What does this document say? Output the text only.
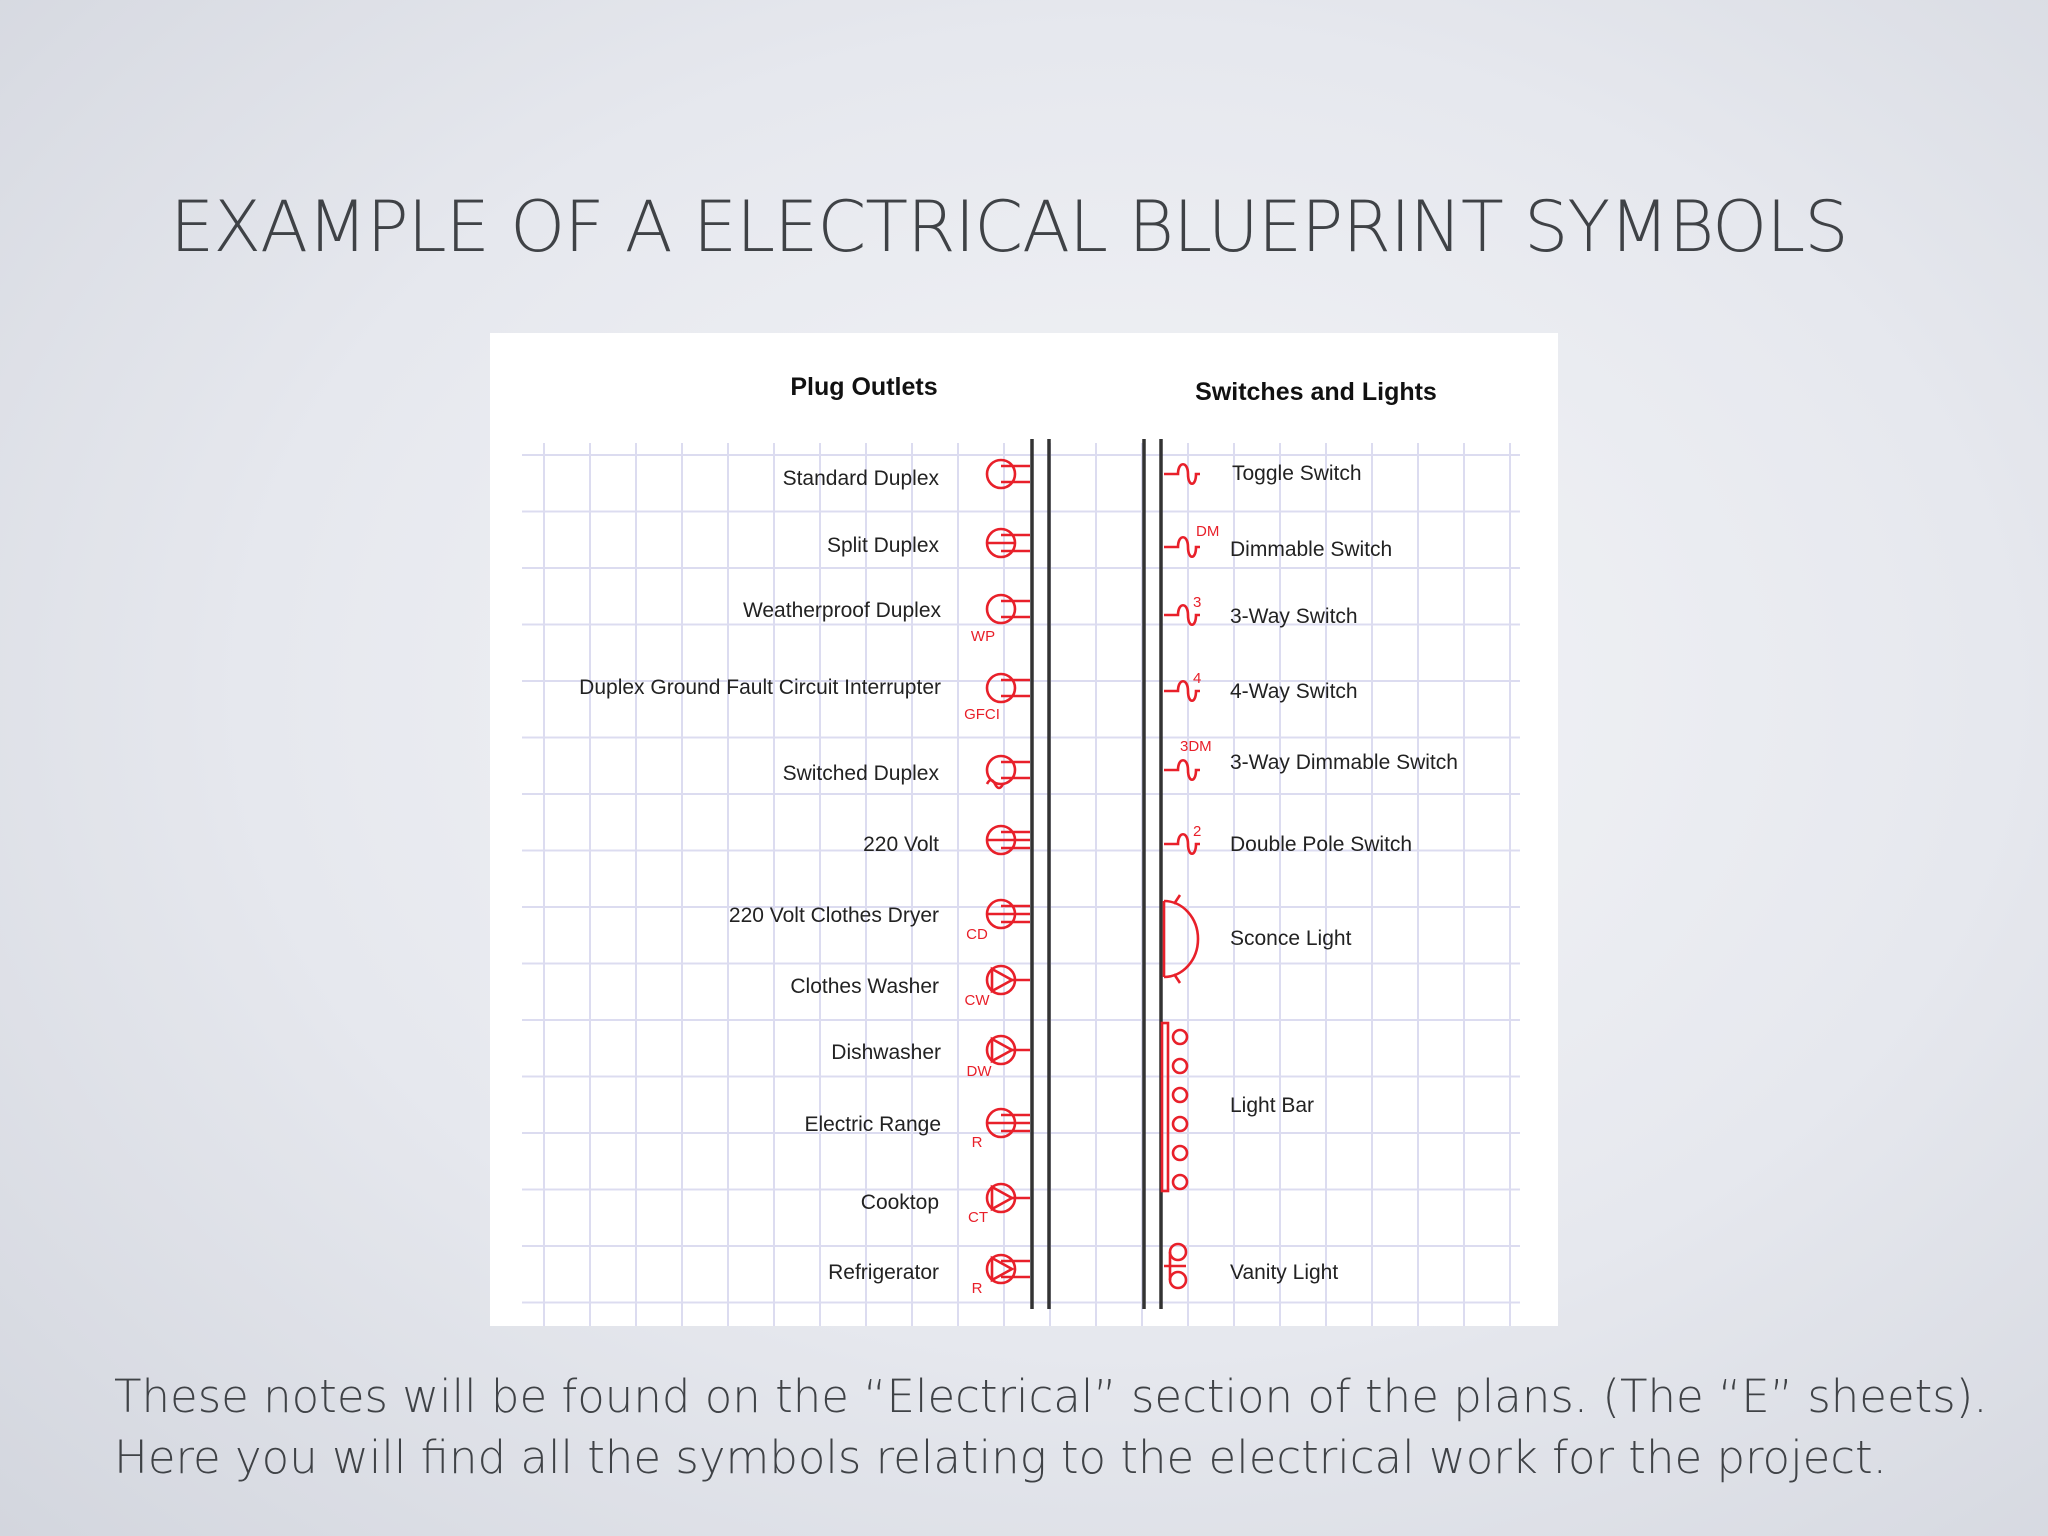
EXAMPLE OF A ELECTRICAL BLUEPRINT SYMBOLS
Plug Outlets	Switches and Lights
Standard Duplex
Split Duplex
Weatherproof Duplex
Duplex Ground Fault Circuit Interrupter
Switched Duplex
220 Volt
220 Volt Clothes Dryer
Clothes Washer
Dishwasher
Electric Range
Cooktop
Refrigerator
WP
GFCI
CD
CW
DW
R
CT
R
Toggle Switch
Dimmable Switch
3-Way Switch
4-Way Switch
3-Way Dimmable Switch
Double Pole Switch
Sconce Light
Light Bar
Vanity Light
DM
3
4
3DM
2
These notes will be found on the “Electrical” section of the plans. (The “E” sheets).
Here you will find all the symbols relating to the electrical work for the project.
